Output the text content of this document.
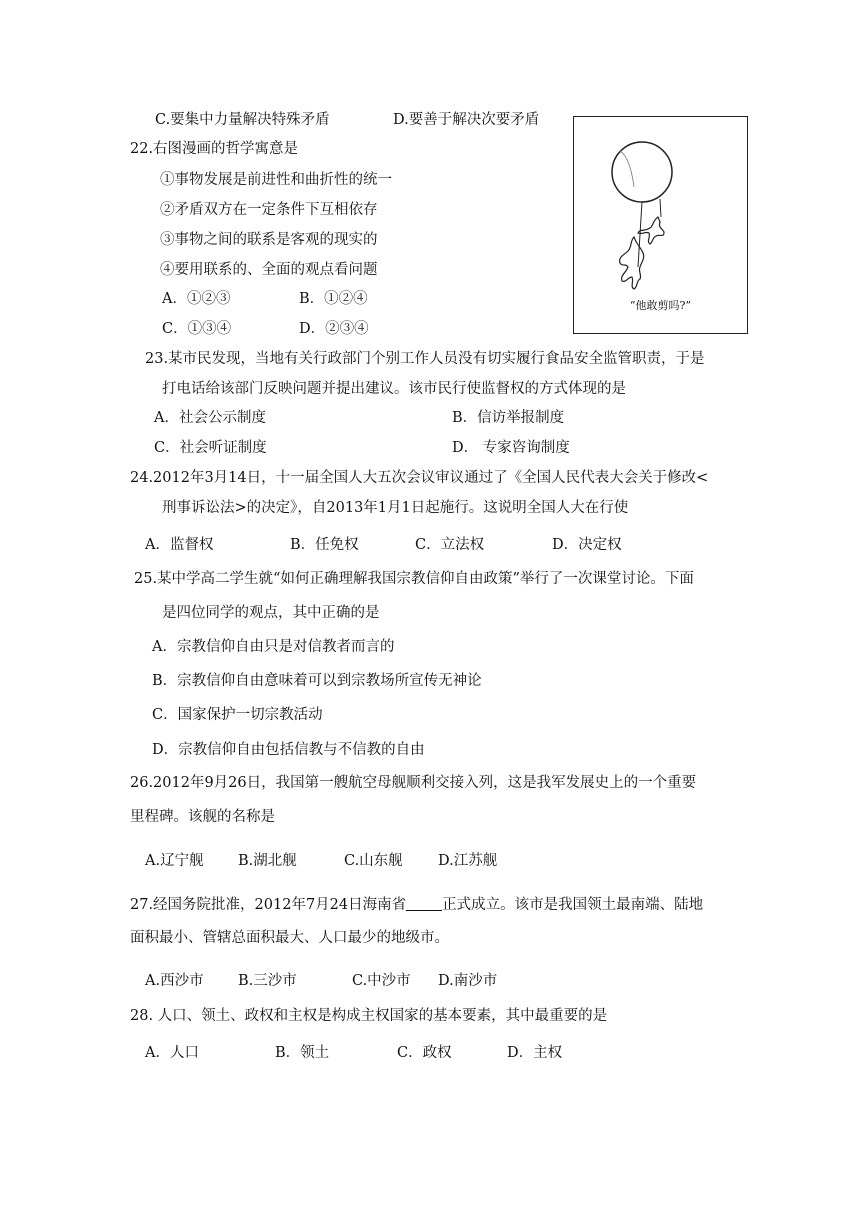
C.要集中力量解决特殊矛盾	D.要善于解决次要矛盾
22.右图漫画的哲学寓意是
①事物发展是前进性和曲折性的统一
②矛盾双方在一定条件下互相依存
③事物之间的联系是客观的现实的
④要用联系的、全面的观点看问题
A．①②③	B．①②④
C．①③④	D．②③④
“他敢剪吗?”
23.某市民发现，当地有关行政部门个别工作人员没有切实履行食品安全监管职责，于是
打电话给该部门反映问题并提出建议。该市民行使监督权的方式体现的是
A．社会公示制度	B．信访举报制度
C．社会听证制度	D． 专家咨询制度
24.2012年3月14日，十一届全国人大五次会议审议通过了《全国人民代表大会关于修改<
刑事诉讼法>的决定》，自2013年1月1日起施行。这说明全国人大在行使
A．监督权	B．任免权	C．立法权	D．决定权
25.某中学高二学生就“如何正确理解我国宗教信仰自由政策”举行了一次课堂讨论。下面
是四位同学的观点，其中正确的是
A．宗教信仰自由只是对信教者而言的
B．宗教信仰自由意味着可以到宗教场所宣传无神论
C．国家保护一切宗教活动
D．宗教信仰自由包括信教与不信教的自由
26.2012年9月26日，我国第一艘航空母舰顺利交接入列，这是我军发展史上的一个重要
里程碑。该舰的名称是
A.辽宁舰 B.湖北舰	C.山东舰 D.江苏舰
27.经国务院批准，2012年7月24日海南省 正式成立。该市是我国领土最南端、陆地
面积最小、管辖总面积最大、人口最少的地级市。
A.西沙市 B.三沙市	C.中沙市 D.南沙市
28. 人口、领土、政权和主权是构成主权国家的基本要素，其中最重要的是
A．人口	B．领土	C．政权	D．主权
